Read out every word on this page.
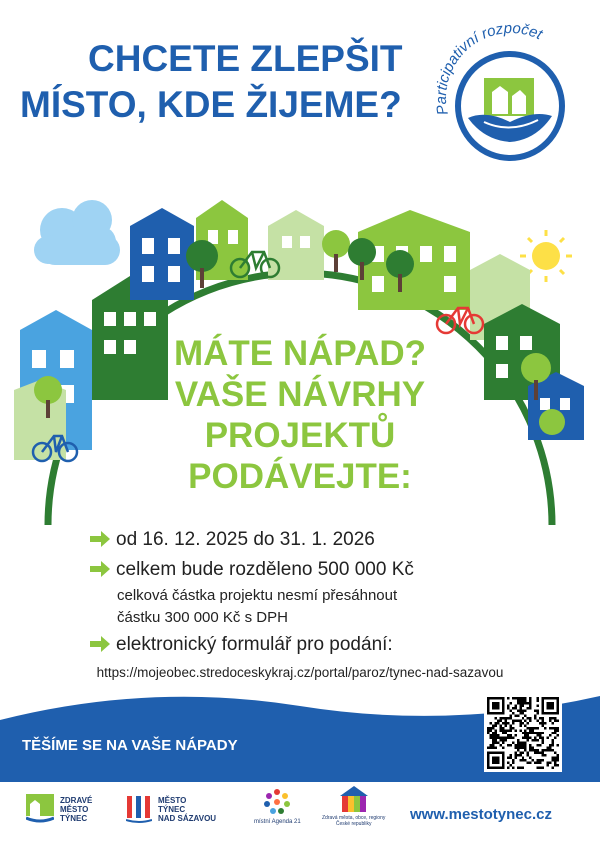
CHCETE ZLEPŠIT
MÍSTO, KDE ŽIJEME?	Participativní rozpočet
MÁTE NÁPAD?
VAŠE NÁVRHY
PROJEKTŮ
PODÁVEJTE:
od 16. 12. 2025 do 31. 1. 2026
celkem bude rozděleno 500 000 Kč
celková částka projektu nesmí přesáhnout
částku 300 000 Kč s DPH
elektronický formulář pro podání:
https://mojeobec.stredoceskykraj.cz/portal/paroz/tynec-nad-sazavou
TĚŠÍME SE NA VAŠE NÁPADY
ZDRAVÉ
MĚSTO
TÝNEC
MĚSTO
TÝNEC
NAD SÁZAVOU	místní Agenda 21
Zdravá města, obce, regiony
České republiky
www.mestotynec.cz
